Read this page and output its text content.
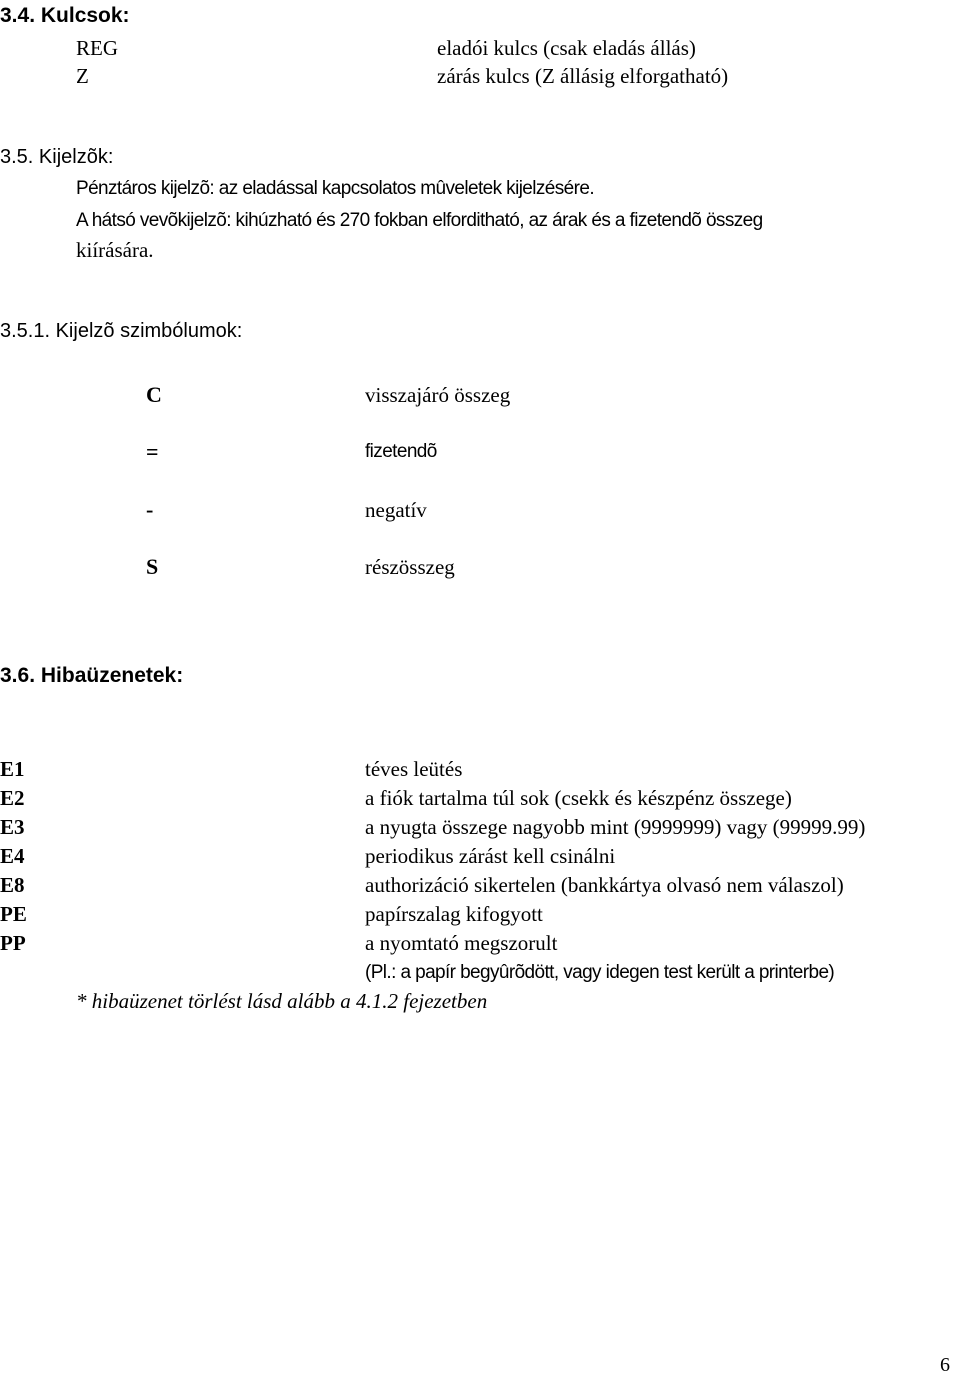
3.4. Kulcsok:
REG	eladói kulcs (csak eladás állás)
Z	zárás kulcs (Z állásig elforgatható)
3.5. Kijelzõk:
Pénztáros kijelzõ: az eladással kapcsolatos mûveletek kijelzésére.
A hátsó vevõkijelzõ: kihúzható és 270 fokban elforditható, az árak és a fizetendõ összeg
kiírására.
3.5.1. Kijelzõ szimbólumok:
C	visszajáró összeg
=	fizetendõ
-	negatív
S	részösszeg
3.6. Hibaüzenetek:
E1	téves leütés
E2	a fiók tartalma túl sok (csekk és készpénz összege)
E3	a nyugta összege nagyobb mint (9999999) vagy (99999.99)
E4	periodikus zárást kell csinálni
E8	authorizáció sikertelen (bankkártya olvasó nem válaszol)
PE	papírszalag kifogyott
PP	a nyomtató megszorult
(Pl.: a papír begyûrõdött, vagy idegen test került a printerbe)
* hibaüzenet törlést lásd alább a 4.1.2 fejezetben
6
